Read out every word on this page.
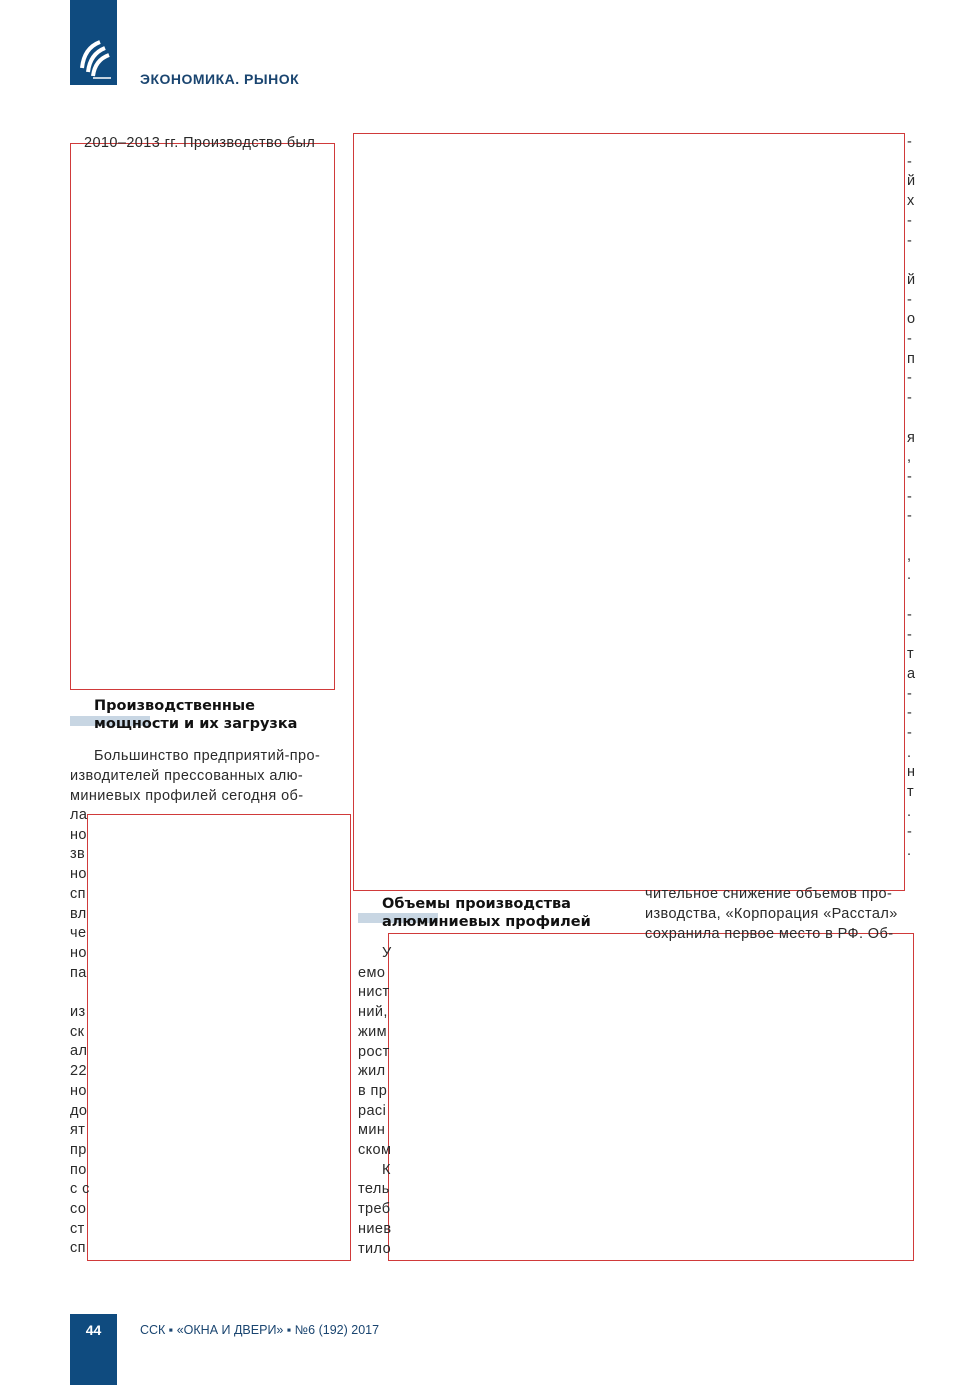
ЭКОНОМИКА. РЫНОК
2010–2013 гг. Производство был
ла
но
зв
но
сп
вл
че
но
па
из
ск
ал
22
но
до
ят
пр
по
с с
со
ст
сп
У
емо
нист
ний,
жим
рост
жил
в пр
расі
мин
ском
К
тель
треб
ниев
тило
-
-
й
х
-
-
й
-
о
-
п
-
-
я
,
-
-
-
,
.
-
-
т
а
-
-
-
.
н
т
.
-
.
Производственные
мощности и их загрузка
Большинство предприятий-про-
изводителей прессованных алю-
миниевых профилей сегодня об-
Объемы производства
алюминиевых профилей
чительное снижение объемов про-
изводства, «Корпорация «Расстал»
сохранила первое место в РФ. Об-
44	ССК ▪ «ОКНА И ДВЕРИ» ▪ №6 (192) 2017
